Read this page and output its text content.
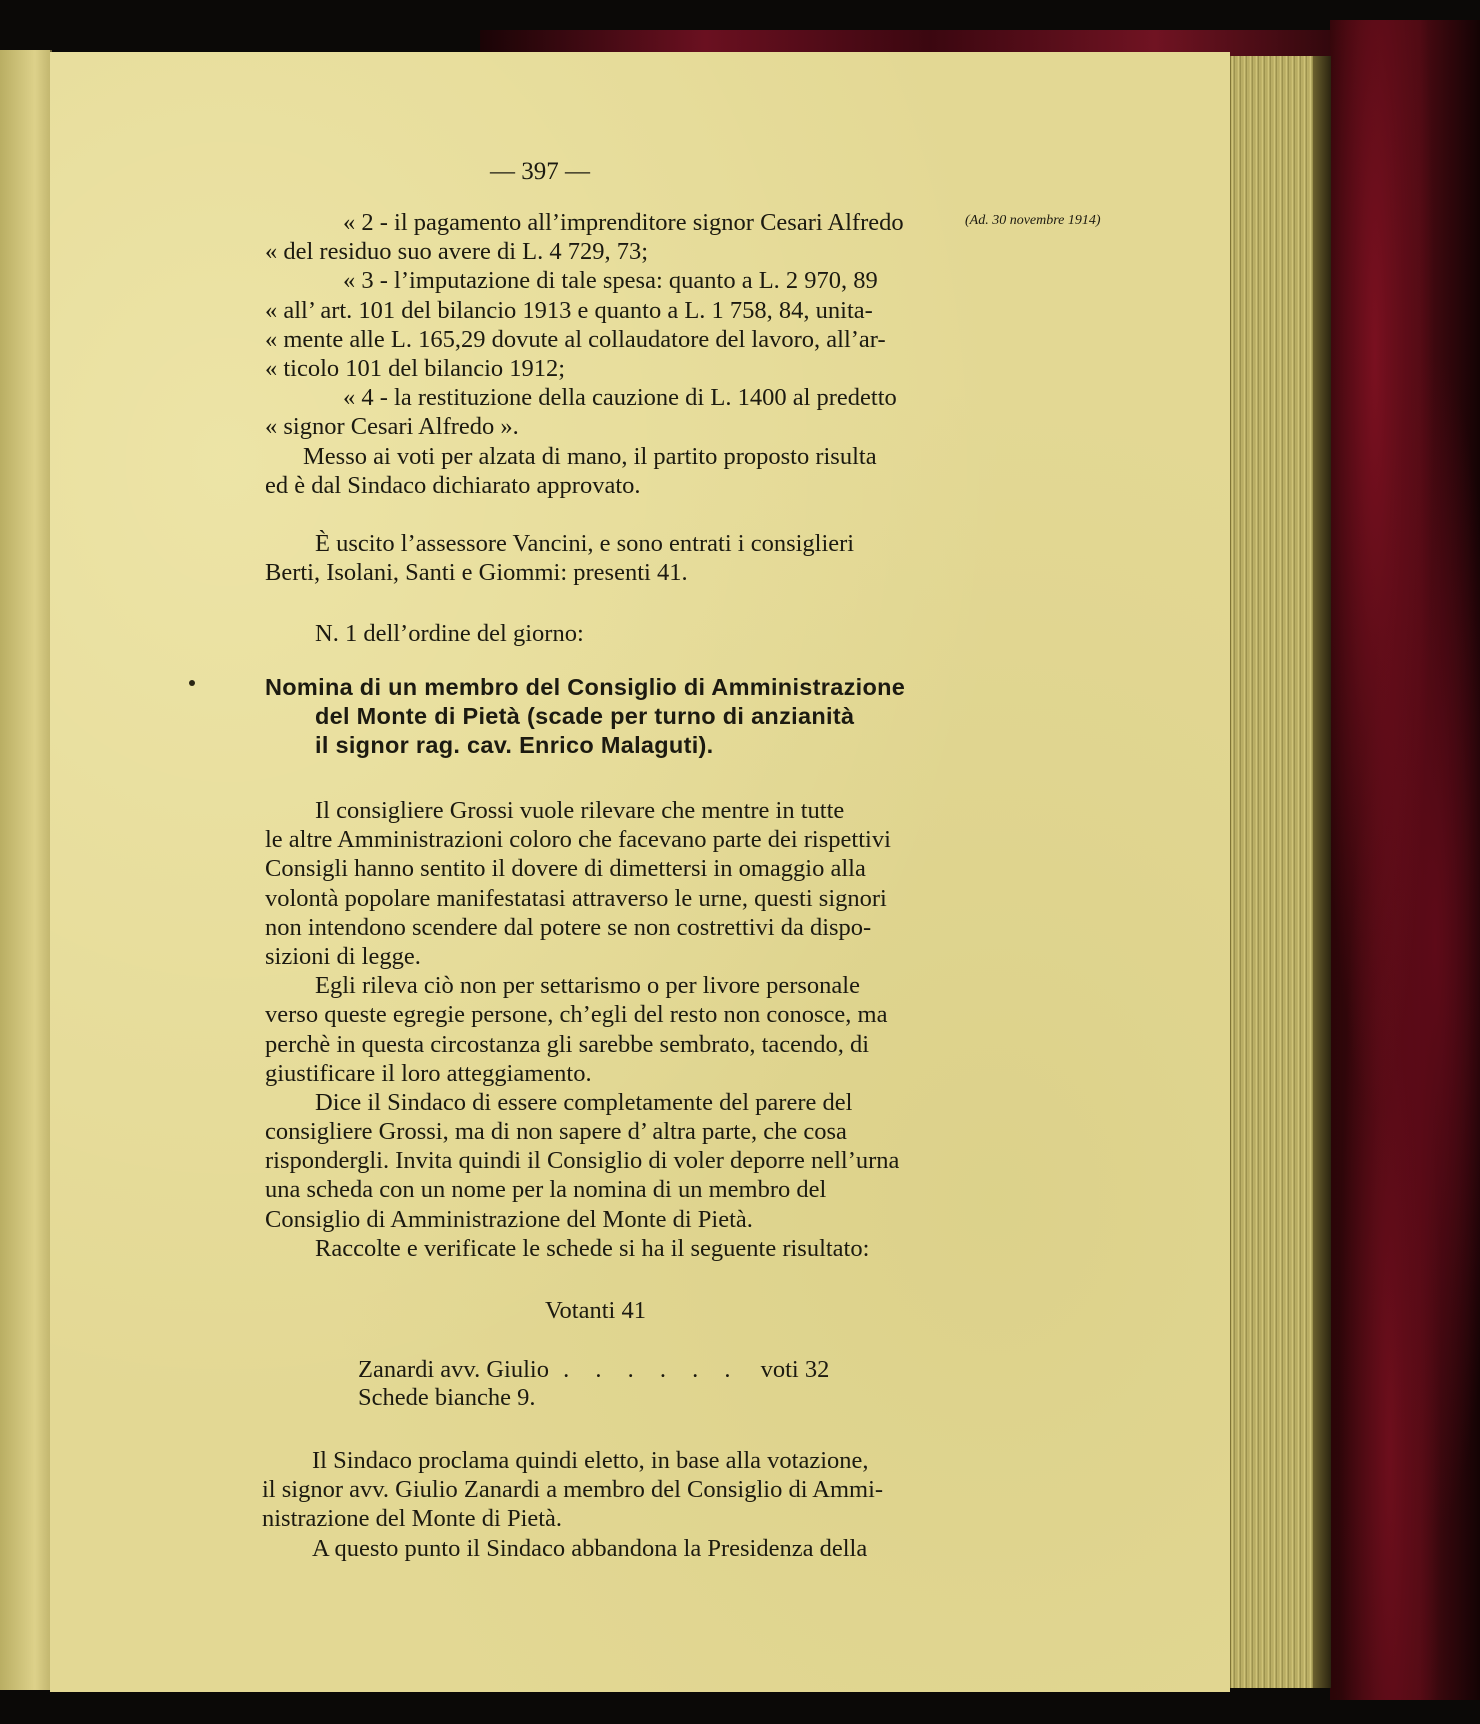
— 397 —
(Ad. 30 novembre 1914)
« 2 - il pagamento all’imprenditore signor Cesari Alfredo
« del residuo suo avere di L. 4 729, 73;
« 3 - l’imputazione di tale spesa: quanto a L. 2 970, 89
« all’ art. 101 del bilancio 1913 e quanto a L. 1 758, 84, unita-
« mente alle L. 165,29 dovute al collaudatore del lavoro, all’ar-
« ticolo 101 del bilancio 1912;
« 4 - la restituzione della cauzione di L. 1400 al predetto
« signor Cesari Alfredo ».
Messo ai voti per alzata di mano, il partito proposto risulta
ed è dal Sindaco dichiarato approvato.
È uscito l’assessore Vancini, e sono entrati i consiglieri
Berti, Isolani, Santi e Giommi: presenti 41.
N. 1 dell’ordine del giorno:
Nomina di un membro del Consiglio di Amministrazione
del Monte di Pietà (scade per turno di anzianità
il signor rag. cav. Enrico Malaguti).
Il consigliere Grossi vuole rilevare che mentre in tutte
le altre Amministrazioni coloro che facevano parte dei rispettivi
Consigli hanno sentito il dovere di dimettersi in omaggio alla
volontà popolare manifestatasi attraverso le urne, questi signori
non intendono scendere dal potere se non costrettivi da dispo-
sizioni di legge.
Egli rileva ciò non per settarismo o per livore personale
verso queste egregie persone, ch’egli del resto non conosce, ma
perchè in questa circostanza gli sarebbe sembrato, tacendo, di
giustificare il loro atteggiamento.
Dice il Sindaco di essere completamente del parere del
consigliere Grossi, ma di non sapere d’ altra parte, che cosa
rispondergli. Invita quindi il Consiglio di voler deporre nell’urna
una scheda con un nome per la nomina di un membro del
Consiglio di Amministrazione del Monte di Pietà.
Raccolte e verificate le schede si ha il seguente risultato:
Votanti 41
Zanardi avv. Giulio . . . . . . voti 32
Schede bianche 9.
Il Sindaco proclama quindi eletto, in base alla votazione,
il signor avv. Giulio Zanardi a membro del Consiglio di Ammi-
nistrazione del Monte di Pietà.
A questo punto il Sindaco abbandona la Presidenza della
